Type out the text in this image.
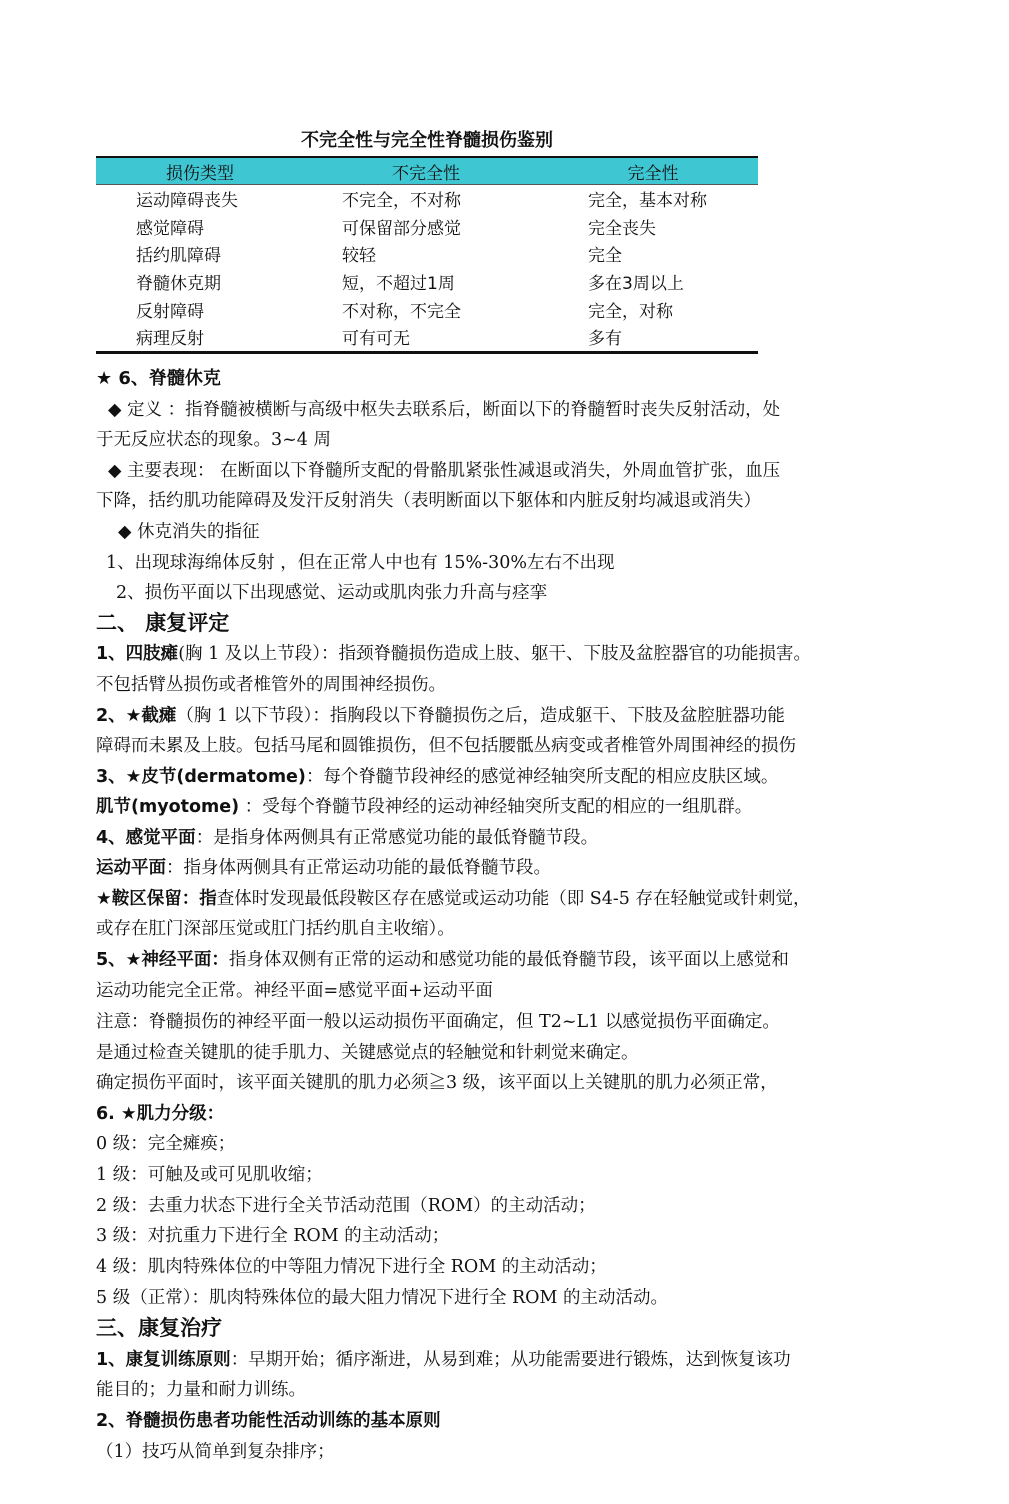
不完全性与完全性脊髓损伤鉴别
损伤类型	不完全性	完全性
运动障碍丧失	不完全，不对称	完全，基本对称
感觉障碍	可保留部分感觉	完全丧失
括约肌障碍	较轻	完全
脊髓休克期	短，不超过1周	多在3周以上
反射障碍	不对称，不完全	完全，对称
病理反射	可有可无	多有
★ 6、脊髓休克
◆ 定义 ：指脊髓被横断与高级中枢失去联系后，断面以下的脊髓暂时丧失反射活动，处
于无反应状态的现象。3~4 周
◆ 主要表现： 在断面以下脊髓所支配的骨骼肌紧张性减退或消失，外周血管扩张，血压
下降，括约肌功能障碍及发汗反射消失（表明断面以下躯体和内脏反射均减退或消失）
◆ 休克消失的指征
1、出现球海绵体反射 ，但在正常人中也有 15%-30%左右不出现
2、损伤平面以下出现感觉、运动或肌肉张力升高与痉挛
二、 康复评定
1、四肢瘫(胸 1 及以上节段）：指颈脊髓损伤造成上肢、躯干、下肢及盆腔器官的功能损害。
不包括臂丛损伤或者椎管外的周围神经损伤。
2、★截瘫（胸 1 以下节段）：指胸段以下脊髓损伤之后，造成躯干、下肢及盆腔脏器功能
障碍而未累及上肢。包括马尾和圆锥损伤，但不包括腰骶丛病变或者椎管外周围神经的损伤
3、★皮节(dermatome)：每个脊髓节段神经的感觉神经轴突所支配的相应皮肤区域。
肌节(myotome) ：受每个脊髓节段神经的运动神经轴突所支配的相应的一组肌群。
4、感觉平面：是指身体两侧具有正常感觉功能的最低脊髓节段。
运动平面：指身体两侧具有正常运动功能的最低脊髓节段。
★鞍区保留：指查体时发现最低段鞍区存在感觉或运动功能（即 S4-5 存在轻触觉或针刺觉，
或存在肛门深部压觉或肛门括约肌自主收缩）。
5、★神经平面：指身体双侧有正常的运动和感觉功能的最低脊髓节段，该平面以上感觉和
运动功能完全正常。神经平面=感觉平面+运动平面
注意：脊髓损伤的神经平面一般以运动损伤平面确定，但 T2~L1 以感觉损伤平面确定。
是通过检查关键肌的徒手肌力、关键感觉点的轻触觉和针刺觉来确定。
确定损伤平面时，该平面关键肌的肌力必须≧3 级，该平面以上关键肌的肌力必须正常，
6. ★肌力分级：
0 级：完全瘫痪；
1 级：可触及或可见肌收缩；
2 级：去重力状态下进行全关节活动范围（ROM）的主动活动；
3 级：对抗重力下进行全 ROM 的主动活动；
4 级：肌肉特殊体位的中等阻力情况下进行全 ROM 的主动活动；
5 级（正常）：肌肉特殊体位的最大阻力情况下进行全 ROM 的主动活动。
三、康复治疗
1、康复训练原则：早期开始；循序渐进，从易到难；从功能需要进行锻炼，达到恢复该功
能目的；力量和耐力训练。
2、脊髓损伤患者功能性活动训练的基本原则
（1）技巧从简单到复杂排序；
